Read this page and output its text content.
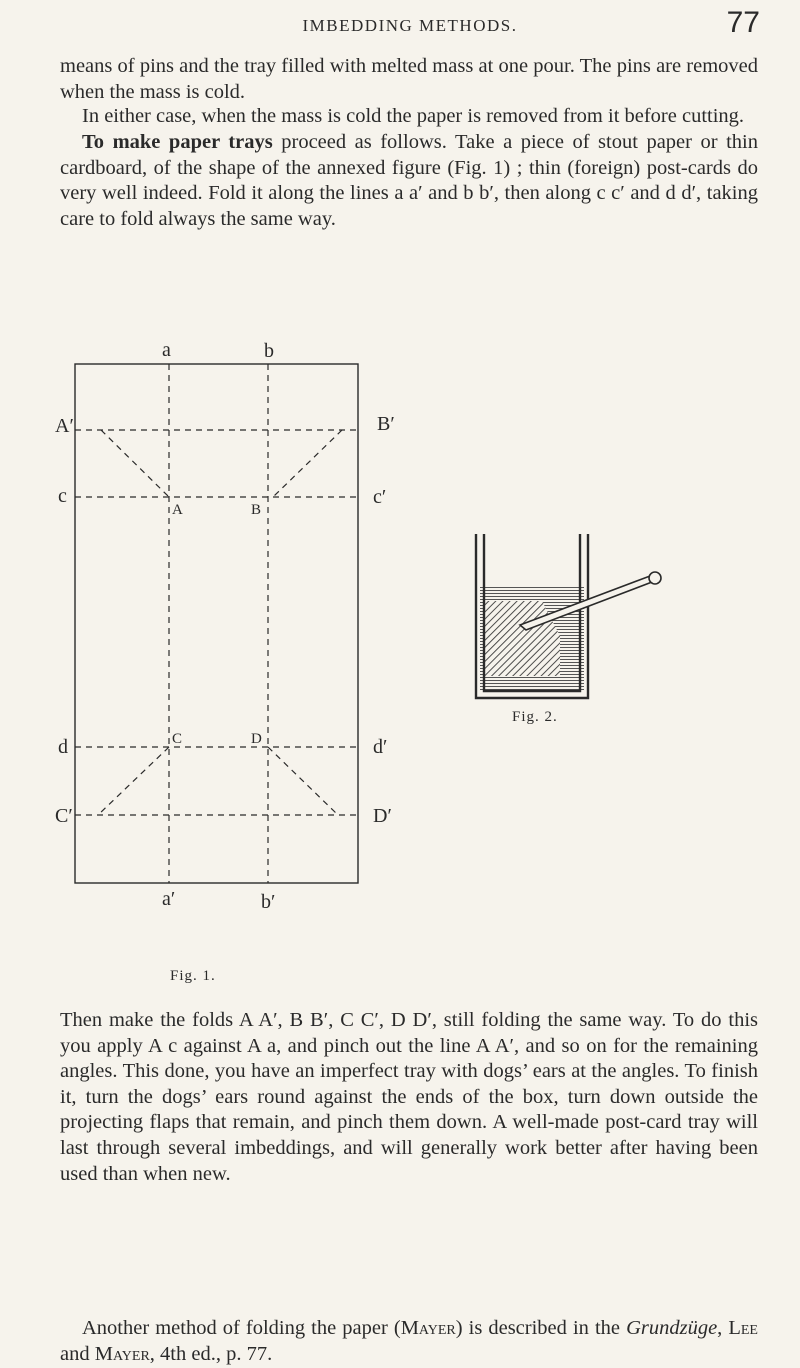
IMBEDDING METHODS.	77

means of pins and the tray filled with melted mass at one pour. The pins are removed when the mass is cold.

In either case, when the mass is cold the paper is removed from it before cutting.

To make paper trays proceed as follows. Take a piece of stout paper or thin cardboard, of the shape of the annexed figure (Fig. 1) ; thin (foreign) post-cards do very well indeed. Fold it along the lines a a′ and b b′, then along c c′ and d d′, taking care to fold always the same way.

a	b
A′	B′
c	c′
d	d′
C′	D′
a′	b′
A	B
C	D
Fig. 1.
Fig. 2.

Then make the folds A A′, B B′, C C′, D D′, still folding the same way. To do this you apply A c against A a, and pinch out the line A A′, and so on for the remaining angles. This done, you have an imperfect tray with dogs’ ears at the angles. To finish it, turn the dogs’ ears round against the ends of the box, turn down outside the projecting flaps that remain, and pinch them down. A well-made post-card tray will last through several imbeddings, and will generally work better after having been used than when new.

Another method of folding the paper (Mayer) is described in the Grundzüge, Lee and Mayer, 4th ed., p. 77.
